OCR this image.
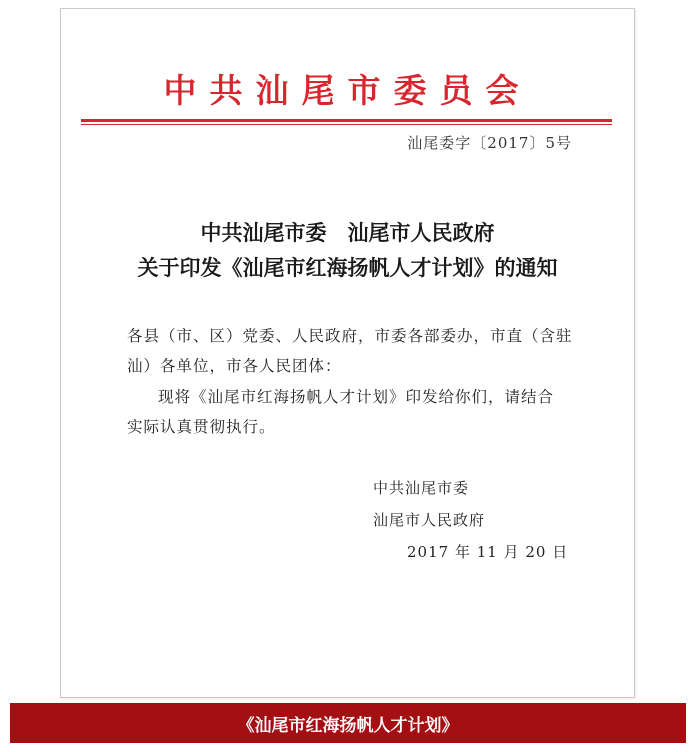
中共汕尾市委员会
汕尾委字〔2017〕5号
中共汕尾市委　汕尾市人民政府
关于印发《汕尾市红海扬帆人才计划》的通知
各县（市、区）党委、人民政府，市委各部委办，市直（含驻
汕）各单位，市各人民团体：
现将《汕尾市红海扬帆人才计划》印发给你们，请结合
实际认真贯彻执行。
中共汕尾市委
汕尾市人民政府
2017 年 11 月 20 日
《汕尾市红海扬帆人才计划》
